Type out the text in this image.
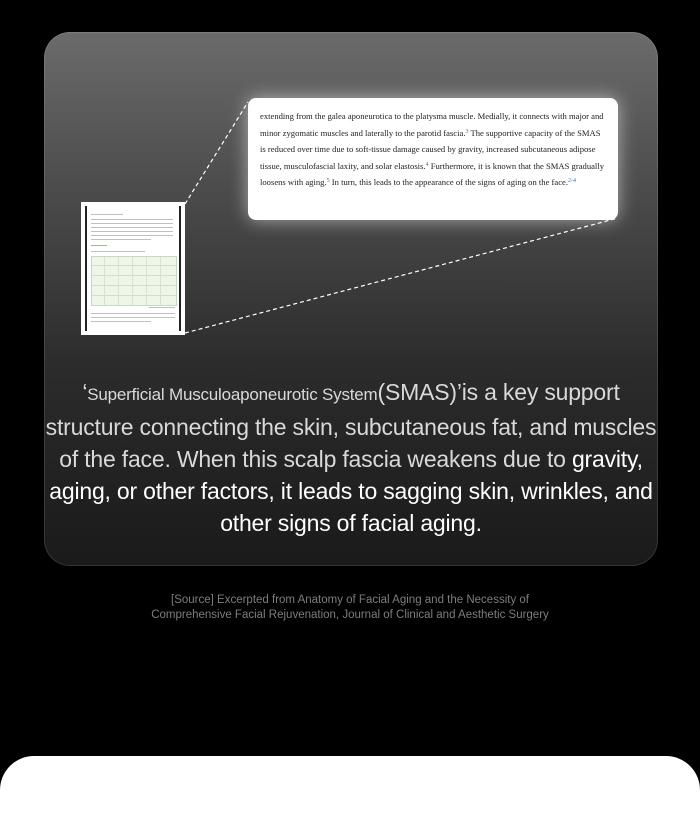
extending from the galea aponeurotica to the platysma muscle. Medially, it connects with major and minor zygomatic muscles and laterally to the parotid fascia.$^3$ The supportive capacity of the SMAS is reduced over time due to soft-tissue damage caused by gravity, increased subcutaneous adipose tissue, musculofascial laxity, and solar elastosis.$^4$ Furthermore, it is known that the SMAS gradually loosens with aging.$^5$ In turn, this leads to the appearance of the signs of aging on the face.$^{2-4}$
‘Superficial Musculoaponeurotic System(SMAS)’is a key support structure connecting the skin, subcutaneous fat, and muscles of the face. When this scalp fascia weakens due to gravity, aging, or other factors, it leads to sagging skin, wrinkles, and other signs of facial aging.
[Source] Excerpted from Anatomy of Facial Aging and the Necessity of
Comprehensive Facial Rejuvenation, Journal of Clinical and Aesthetic Surgery
